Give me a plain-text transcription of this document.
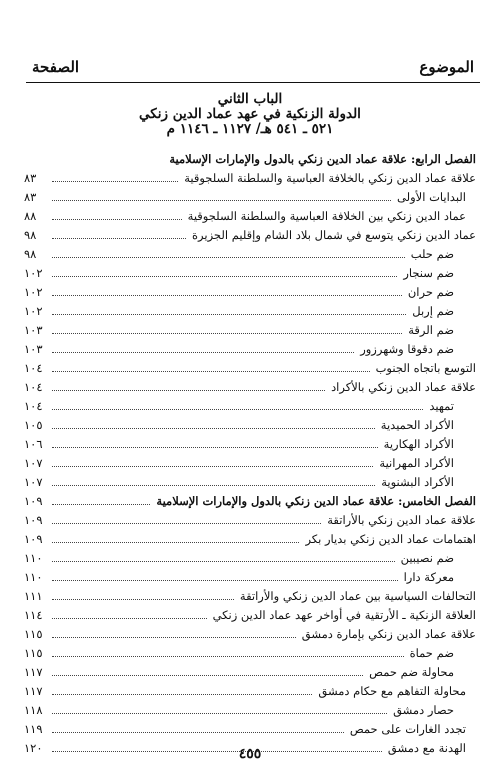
الموضوع
الصفحة
الباب الثاني
الدولة الزنكية في عهد عماد الدين زنكي
٥٢١ ـ ٥٤١ هـ/ ١١٢٧ ـ ١١٤٦ م
الفصل الرابع: علاقة عماد الدين زنكي بالدول والإمارات الإسلامية
علاقة عماد الدين زنكي بالخلافة العباسية والسلطنة السلجوقية
٨٣
البدايات الأولى
٨٣
عماد الدين زنكي بين الخلافة العباسية والسلطنة السلجوقية
٨٨
عماد الدين زنكي يتوسع في شمال بلاد الشام وإقليم الجزيرة
٩٨
ضم حلب
٩٨
ضم سنجار
١٠٢
ضم حران
١٠٢
ضم إربل
١٠٢
ضم الرقة
١٠٣
ضم دقوقا وشهرزور
١٠٣
التوسع باتجاه الجنوب
١٠٤
علاقة عماد الدين زنكي بالأكراد
١٠٤
تمهيد
١٠٤
الأكراد الحميدية
١٠٥
الأكراد الهكارية
١٠٦
الأكراد المهرانية
١٠٧
الأكراد البشنوية
١٠٧
الفصل الخامس: علاقة عماد الدين زنكي بالدول والإمارات الإسلامية
١٠٩
علاقة عماد الدين زنكي بالأراتقة
١٠٩
اهتمامات عماد الدين زنكي بديار بكر
١٠٩
ضم نصيبين
١١٠
معركة دارا
١١٠
التحالفات السياسية بين عماد الدين زنكي والأراتقة
١١١
العلاقة الزنكية ـ الأرتقية في أواخر عهد عماد الدين زنكي
١١٤
علاقة عماد الدين زنكي بإمارة دمشق
١١٥
ضم حماة
١١٥
محاولة ضم حمص
١١٧
محاولة التفاهم مع حكام دمشق
١١٧
حصار دمشق
١١٨
تجدد الغارات على حمص
١١٩
الهدنة مع دمشق
١٢٠	٤٥٥
